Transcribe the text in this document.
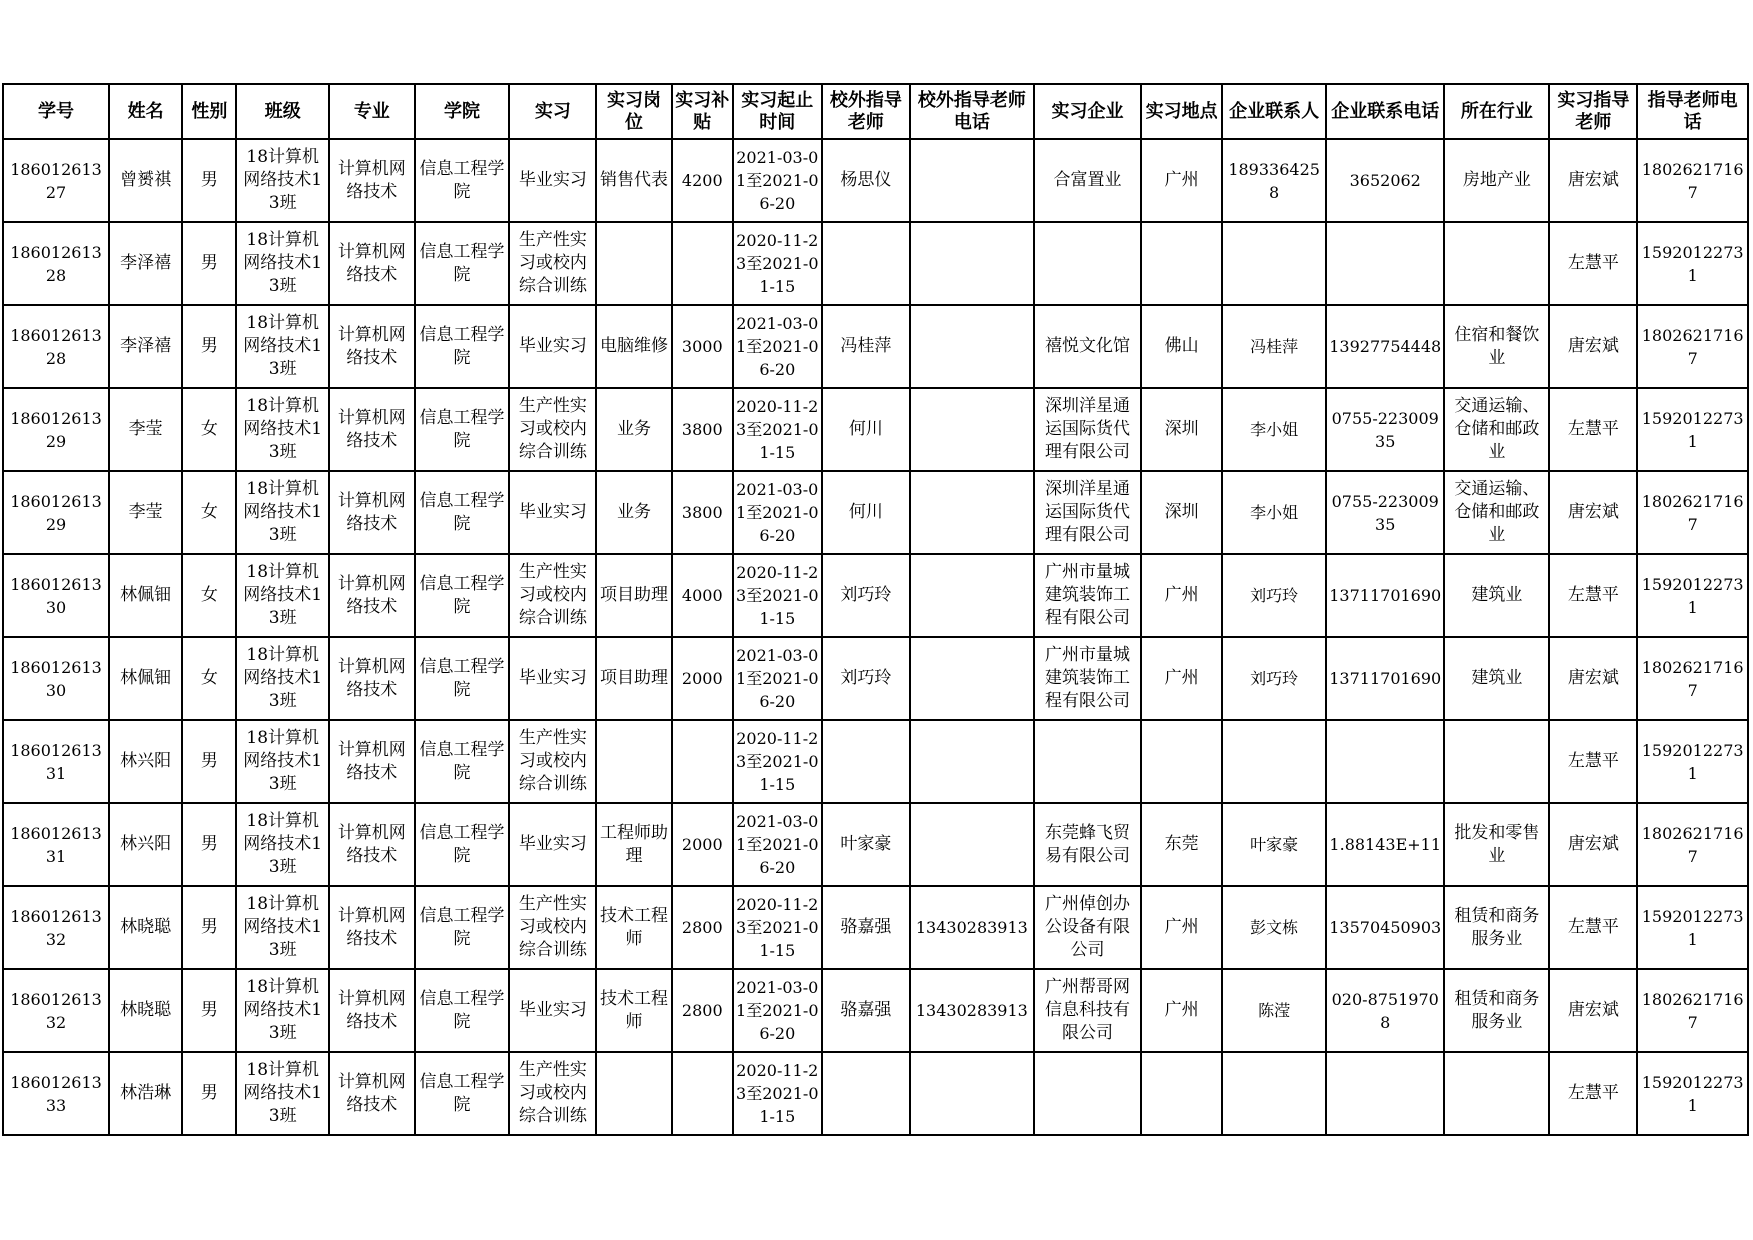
学号	姓名	性别	班级	专业	学院	实习	实习岗位	实习补贴	实习起止时间	校外指导老师	校外指导老师电话	实习企业	实习地点	企业联系人	企业联系电话	所在行业	实习指导老师	指导老师电话

18601261327	曾赟祺	男	18计算机网络技术13班	计算机网络技术	信息工程学院	毕业实习	销售代表	4200	2021-03-01至2021-06-20	杨思仪		合富置业	广州	1893364258	3652062	房地产业	唐宏斌	18026217167

18601261328	李泽禧	男	18计算机网络技术13班	计算机网络技术	信息工程学院	生产性实习或校内综合训练			2020-11-23至2021-01-15								左慧平	15920122731

18601261328	李泽禧	男	18计算机网络技术13班	计算机网络技术	信息工程学院	毕业实习	电脑维修	3000	2021-03-01至2021-06-20	冯桂萍		禧悦文化馆	佛山	冯桂萍	13927754448	住宿和餐饮业	唐宏斌	18026217167

18601261329	李莹	女	18计算机网络技术13班	计算机网络技术	信息工程学院	生产性实习或校内综合训练	业务	3800	2020-11-23至2021-01-15	何川		深圳洋星通运国际货代理有限公司	深圳	李小姐	0755-22300935	交通运输、仓储和邮政业	左慧平	15920122731

18601261329	李莹	女	18计算机网络技术13班	计算机网络技术	信息工程学院	毕业实习	业务	3800	2021-03-01至2021-06-20	何川		深圳洋星通运国际货代理有限公司	深圳	李小姐	0755-22300935	交通运输、仓储和邮政业	唐宏斌	18026217167

18601261330	林佩钿	女	18计算机网络技术13班	计算机网络技术	信息工程学院	生产性实习或校内综合训练	项目助理	4000	2020-11-23至2021-01-15	刘巧玲		广州市量城建筑装饰工程有限公司	广州	刘巧玲	13711701690	建筑业	左慧平	15920122731

18601261330	林佩钿	女	18计算机网络技术13班	计算机网络技术	信息工程学院	毕业实习	项目助理	2000	2021-03-01至2021-06-20	刘巧玲		广州市量城建筑装饰工程有限公司	广州	刘巧玲	13711701690	建筑业	唐宏斌	18026217167

18601261331	林兴阳	男	18计算机网络技术13班	计算机网络技术	信息工程学院	生产性实习或校内综合训练			2020-11-23至2021-01-15								左慧平	15920122731

18601261331	林兴阳	男	18计算机网络技术13班	计算机网络技术	信息工程学院	毕业实习	工程师助理	2000	2021-03-01至2021-06-20	叶家豪		东莞蜂飞贸易有限公司	东莞	叶家豪	1.88143E+11	批发和零售业	唐宏斌	18026217167

18601261332	林晓聪	男	18计算机网络技术13班	计算机网络技术	信息工程学院	生产性实习或校内综合训练	技术工程师	2800	2020-11-23至2021-01-15	骆嘉强	13430283913	广州倬创办公设备有限公司	广州	彭文栋	13570450903	租赁和商务服务业	左慧平	15920122731

18601261332	林晓聪	男	18计算机网络技术13班	计算机网络技术	信息工程学院	毕业实习	技术工程师	2800	2021-03-01至2021-06-20	骆嘉强	13430283913	广州帮哥网信息科技有限公司	广州	陈滢	020-87519708	租赁和商务服务业	唐宏斌	18026217167

18601261333	林浩琳	男	18计算机网络技术13班	计算机网络技术	信息工程学院	生产性实习或校内综合训练			2020-11-23至2021-01-15								左慧平	15920122731
